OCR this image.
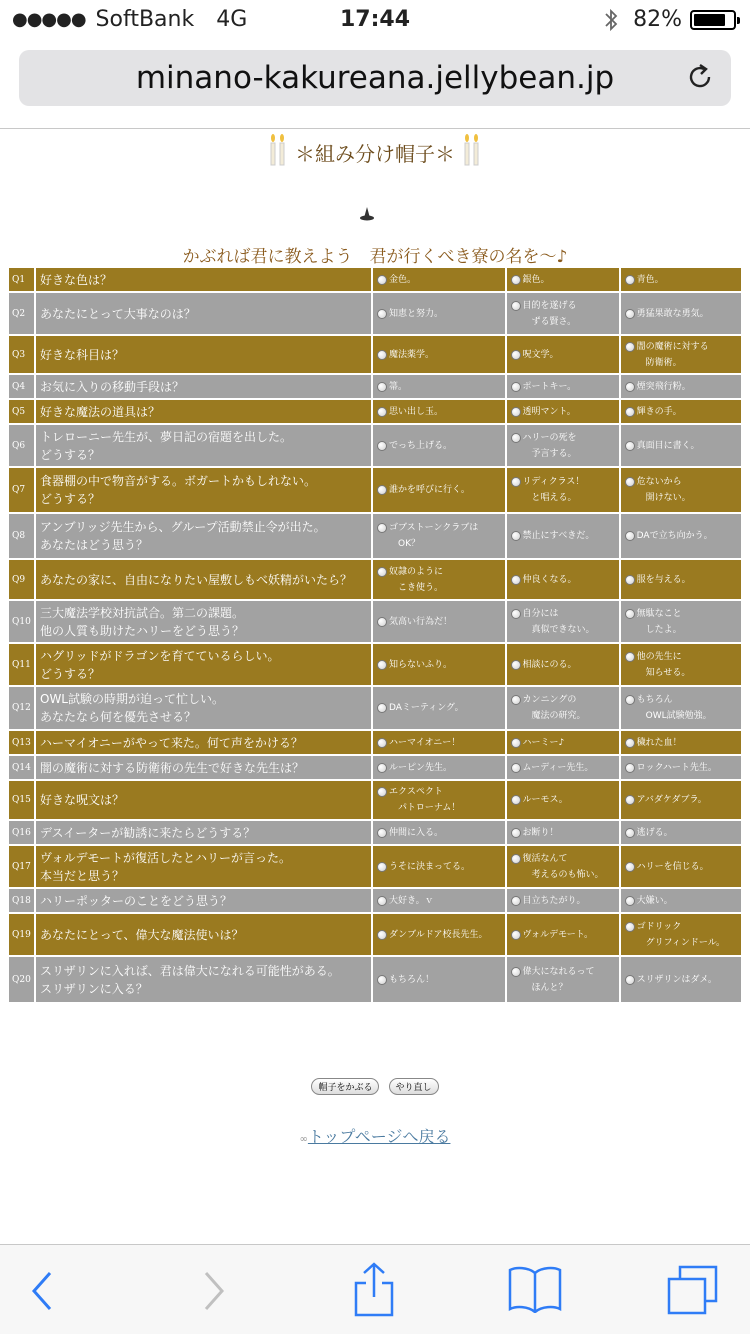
●●●●● SoftBank 4G	17:44	82%
minano-kakureana.jellybean.jp
＊組み分け帽子＊
かぶれば君に教えよう　君が行くべき寮の名を〜♪
Q1	好きな色は？	金色。	銀色。	青色。
Q2	あなたにとって大事なのは？	知恵と努力。	目的を遂げる
　ずる賢さ。	勇猛果敢な勇気。
Q3	好きな科目は？	魔法薬学。	呪文学。	闇の魔術に対する
　防衛術。
Q4	お気に入りの移動手段は？	箒。	ポートキー。	煙突飛行粉。
Q5	好きな魔法の道具は？	思い出し玉。	透明マント。	輝きの手。
Q6	トレローニー先生が、夢日記の宿題を出した。
どうする？	でっち上げる。	ハリーの死を
　予言する。	真面目に書く。
Q7	食器棚の中で物音がする。ボガートかもしれない。
どうする？	誰かを呼びに行く。	リディクラス！
　と唱える。	危ないから
　開けない。
Q8	アンブリッジ先生から、グループ活動禁止令が出た。
あなたはどう思う？	ゴブストーンクラブは
　OK？	禁止にすべきだ。	DAで立ち向かう。
Q9	あなたの家に、自由になりたい屋敷しもべ妖精がいたら？	奴隷のように
　こき使う。	仲良くなる。	服を与える。
Q10	三大魔法学校対抗試合。第二の課題。
他の人質も助けたハリーをどう思う？	気高い行為だ！	自分には
　真似できない。	無駄なこと
　したよ。
Q11	ハグリッドがドラゴンを育てているらしい。
どうする？	知らないふり。	相談にのる。	他の先生に
　知らせる。
Q12	OWL試験の時期が迫って忙しい。
あなたなら何を優先させる？	DAミーティング。	カンニングの
　魔法の研究。	もちろん
　OWL試験勉強。
Q13	ハーマイオニーがやって来た。何て声をかける？	ハーマイオニー！	ハーミー♪	穢れた血！
Q14	闇の魔術に対する防衛術の先生で好きな先生は？	ルーピン先生。	ムーディー先生。	ロックハート先生。
Q15	好きな呪文は？	エクスペクト
　パトローナム！	ルーモス。	アバダケダブラ。
Q16	デスイーターが勧誘に来たらどうする？	仲間に入る。	お断り！	逃げる。
Q17	ヴォルデモートが復活したとハリーが言った。
本当だと思う？	うそに決まってる。	復活なんて
　考えるのも怖い。	ハリーを信じる。
Q18	ハリーポッターのことをどう思う？	大好き。ｖ	目立ちたがり。	大嫌い。
Q19	あなたにとって、偉大な魔法使いは？	ダンブルドア校長先生。	ヴォルデモート。	ゴドリック
　グリフィンドール。
Q20	スリザリンに入れば、君は偉大になれる可能性がある。
スリザリンに入る？	もちろん！	偉大になれるって
　ほんと？	スリザリンはダメ。
帽子をかぶる	やり直し
∞トップページへ戻る
